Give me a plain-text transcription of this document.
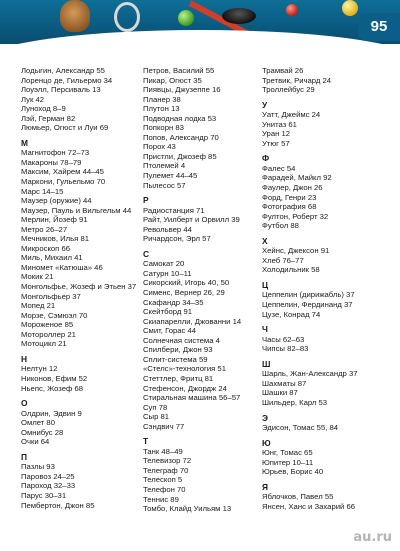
95
Лодыгин, Александр 55
Лоренцо де, Гильермо 34
Лоуэлл, Персиваль 13
Лук 42
Луноход 8–9
Лэй, Герман 82
Люмьер, Огюст и Луи 69
М
Магнитофон 72–73
Макароны 78–79
Максим, Хайрем 44–45
Маркони, Гульельмо 70
Марс 14–15
Маузер (оружие) 44
Маузер, Пауль и Вильгельм 44
Мерлин, Йозеф 91
Метро 26–27
Мечников, Илья 81
Микроскоп 66
Миль, Михаил 41
Миномет «Катюша» 46
Мокик 21
Монгольфье, Жозеф и Этьен 37
Монгольфьер 37
Мопед 21
Морзе, Сэмюэл 70
Мороженое 85
Мотороллер 21
Мотоцикл 21
Н
Нелтун 12
Никонов, Ефим 52
Ньепс, Жозеф 68
О
Олдрин, Эдвин 9
Омлет 80
Омнибус 28
Очки 64
П
Пазлы 93
Паровоз 24–25
Пароход 32–33
Парус 30–31
Пембертон, Джон 85
Петров, Василий 55
Пикар, Огюст 35
Пиявцы, Джузеппе 16
Планер 38
Плутон 13
Подводная лодка 53
Попкорн 83
Попов, Александр 70
Порох 43
Пристли, Джозеф 85
Птолемей 4
Пулемет 44–45
Пылесос 57
Р
Радиостанция 71
Райт, Уилберт и Орвилл 39
Револьвер 44
Ричардсон, Эрл 57
С
Самокат 20
Сатурн 10–11
Сикорский, Игорь 40, 50
Сименс, Вернер 26, 29
Скафандр 34–35
Скейтборд 91
Скиапарелли, Джованни 14
Смит, Горас 44
Солнечная система 4
Спилбери, Джон 93
Сплит-система 59
«Стелс»-технология 51
Стеттлер, Фритц 81
Стефенсон, Джордж 24
Стиральная машина 56–57
Суп 78
Сыр 81
Сэндвич 77
Т
Танк 48–49
Телевизор 72
Телеграф 70
Телескоп 5
Телефон 70
Теннис 89
Томбо, Клайд Уильям 13
Трамвай 26
Третвик, Ричард 24
Троллейбус 29
У
Уатт, Джеймс 24
Унитаз 61
Уран 12
Утюг 57
Ф
Фалес 54
Фарадей, Майкл 92
Фаулер, Джон 26
Форд, Генри 23
Фотография 68
Фултон, Роберт 32
Футбол 88
Х
Хейнс, Джексон 91
Хлеб 76–77
Холодильник 58
Ц
Цеппелин (дирижабль) 37
Цеппелин, Фердинанд 37
Цузе, Конрад 74
Ч
Часы 62–63
Чипсы 82–83
Ш
Шарль, Жан-Александр 37
Шахматы 87
Шашки 87
Шильдер, Карл 53
Э
Эдисон, Томас 55, 84
Ю
Юнг, Томас 65
Юпитер 10–11
Юрьев, Борис 40
Я
Яблочков, Павел 55
Янсен, Ханс и Захарий 66
au.ru
